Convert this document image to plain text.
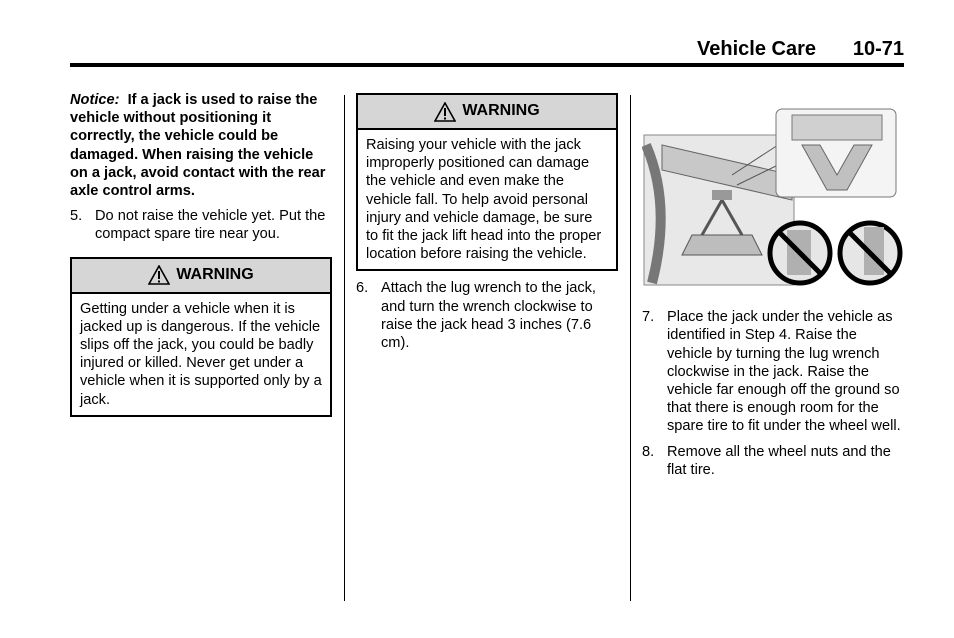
Vehicle Care 10-71

Notice: If a jack is used to raise the vehicle without positioning it correctly, the vehicle could be damaged. When raising the vehicle on a jack, avoid contact with the rear axle control arms.

5. Do not raise the vehicle yet. Put the compact spare tire near you.
WARNING
Getting under a vehicle when it is jacked up is dangerous. If the vehicle slips off the jack, you could be badly injured or killed. Never get under a vehicle when it is supported only by a jack.
WARNING
Raising your vehicle with the jack improperly positioned can damage the vehicle and even make the vehicle fall. To help avoid personal injury and vehicle damage, be sure to fit the jack lift head into the proper location before raising the vehicle.
6. Attach the lug wrench to the jack, and turn the wrench clockwise to raise the jack head 3 inches (7.6 cm).
7. Place the jack under the vehicle as identified in Step 4. Raise the vehicle by turning the lug wrench clockwise in the jack. Raise the vehicle far enough off the ground so that there is enough room for the spare tire to fit under the wheel well.
8. Remove all the wheel nuts and the flat tire.
